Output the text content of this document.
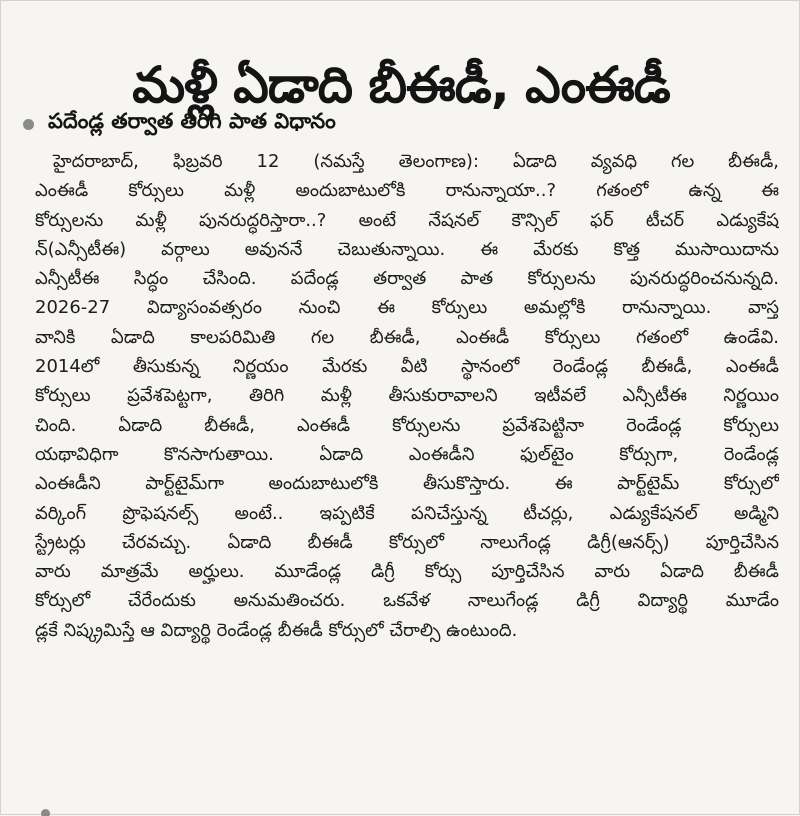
మళ్లీ ఏడాది బీఈడీ, ఎంఈడీ
పదేండ్ల తర్వాత తిరిగి పాత విధానం
హైదరాబాద్, ఫిబ్రవరి 12 (నమస్తే తెలంగాణ): ఏడాది వ్యవధి గల బీఈడీ,
ఎంఈడీ కోర్సులు మళ్లీ అందుబాటులోకి రానున్నాయా..? గతంలో ఉన్న ఈ
కోర్సులను మళ్లీ పునరుద్ధరిస్తారా..? అంటే నేషనల్ కౌన్సిల్ ఫర్ టీచర్ ఎడ్యుకేష
న్(ఎన్సీటీఈ) వర్గాలు అవుననే చెబుతున్నాయి. ఈ మేరకు కొత్త ముసాయిదాను
ఎన్సీటీఈ సిద్ధం చేసింది. పదేండ్ల తర్వాత పాత కోర్సులను పునరుద్ధరించనున్నది.
2026-27 విద్యాసంవత్సరం నుంచి ఈ కోర్సులు అమల్లోకి రానున్నాయి. వాస్త
వానికి ఏడాది కాలపరిమితి గల బీఈడీ, ఎంఈడీ కోర్సులు గతంలో ఉండేవి.
2014లో తీసుకున్న నిర్ణయం మేరకు వీటి స్థానంలో రెండేండ్ల బీఈడీ, ఎంఈడీ
కోర్సులు ప్రవేశపెట్టగా, తిరిగి మళ్లీ తీసుకురావాలని ఇటీవలే ఎన్సీటీఈ నిర్ణయిం
చింది. ఏడాది బీఈడీ, ఎంఈడీ కోర్సులను ప్రవేశపెట్టినా రెండేండ్ల కోర్సులు
యథావిధిగా కొనసాగుతాయి. ఏడాది ఎంఈడీని ఫుల్‌టైం కోర్సుగా, రెండేండ్ల
ఎంఈడీని పార్ట్‌టైమ్‌గా అందుబాటులోకి తీసుకొస్తారు. ఈ పార్ట్‌టైమ్ కోర్సులో
వర్కింగ్ ప్రొఫెషనల్స్ అంటే.. ఇప్పటికే పనిచేస్తున్న టీచర్లు, ఎడ్యుకేషనల్ అడ్మిని
స్ట్రేటర్లు చేరవచ్చు. ఏడాది బీఈడీ కోర్సులో నాలుగేండ్ల డిగ్రీ(ఆనర్స్) పూర్తిచేసిన
వారు మాత్రమే అర్హులు. మూడేండ్ల డిగ్రీ కోర్సు పూర్తిచేసిన వారు ఏడాది బీఈడీ
కోర్సులో చేరేందుకు అనుమతించరు. ఒకవేళ నాలుగేండ్ల డిగ్రీ విద్యార్థి మూడేం
డ్లకే నిష్క్రమిస్తే ఆ విద్యార్థి రెండేండ్ల బీఈడీ కోర్సులో చేరాల్సి ఉంటుంది.
